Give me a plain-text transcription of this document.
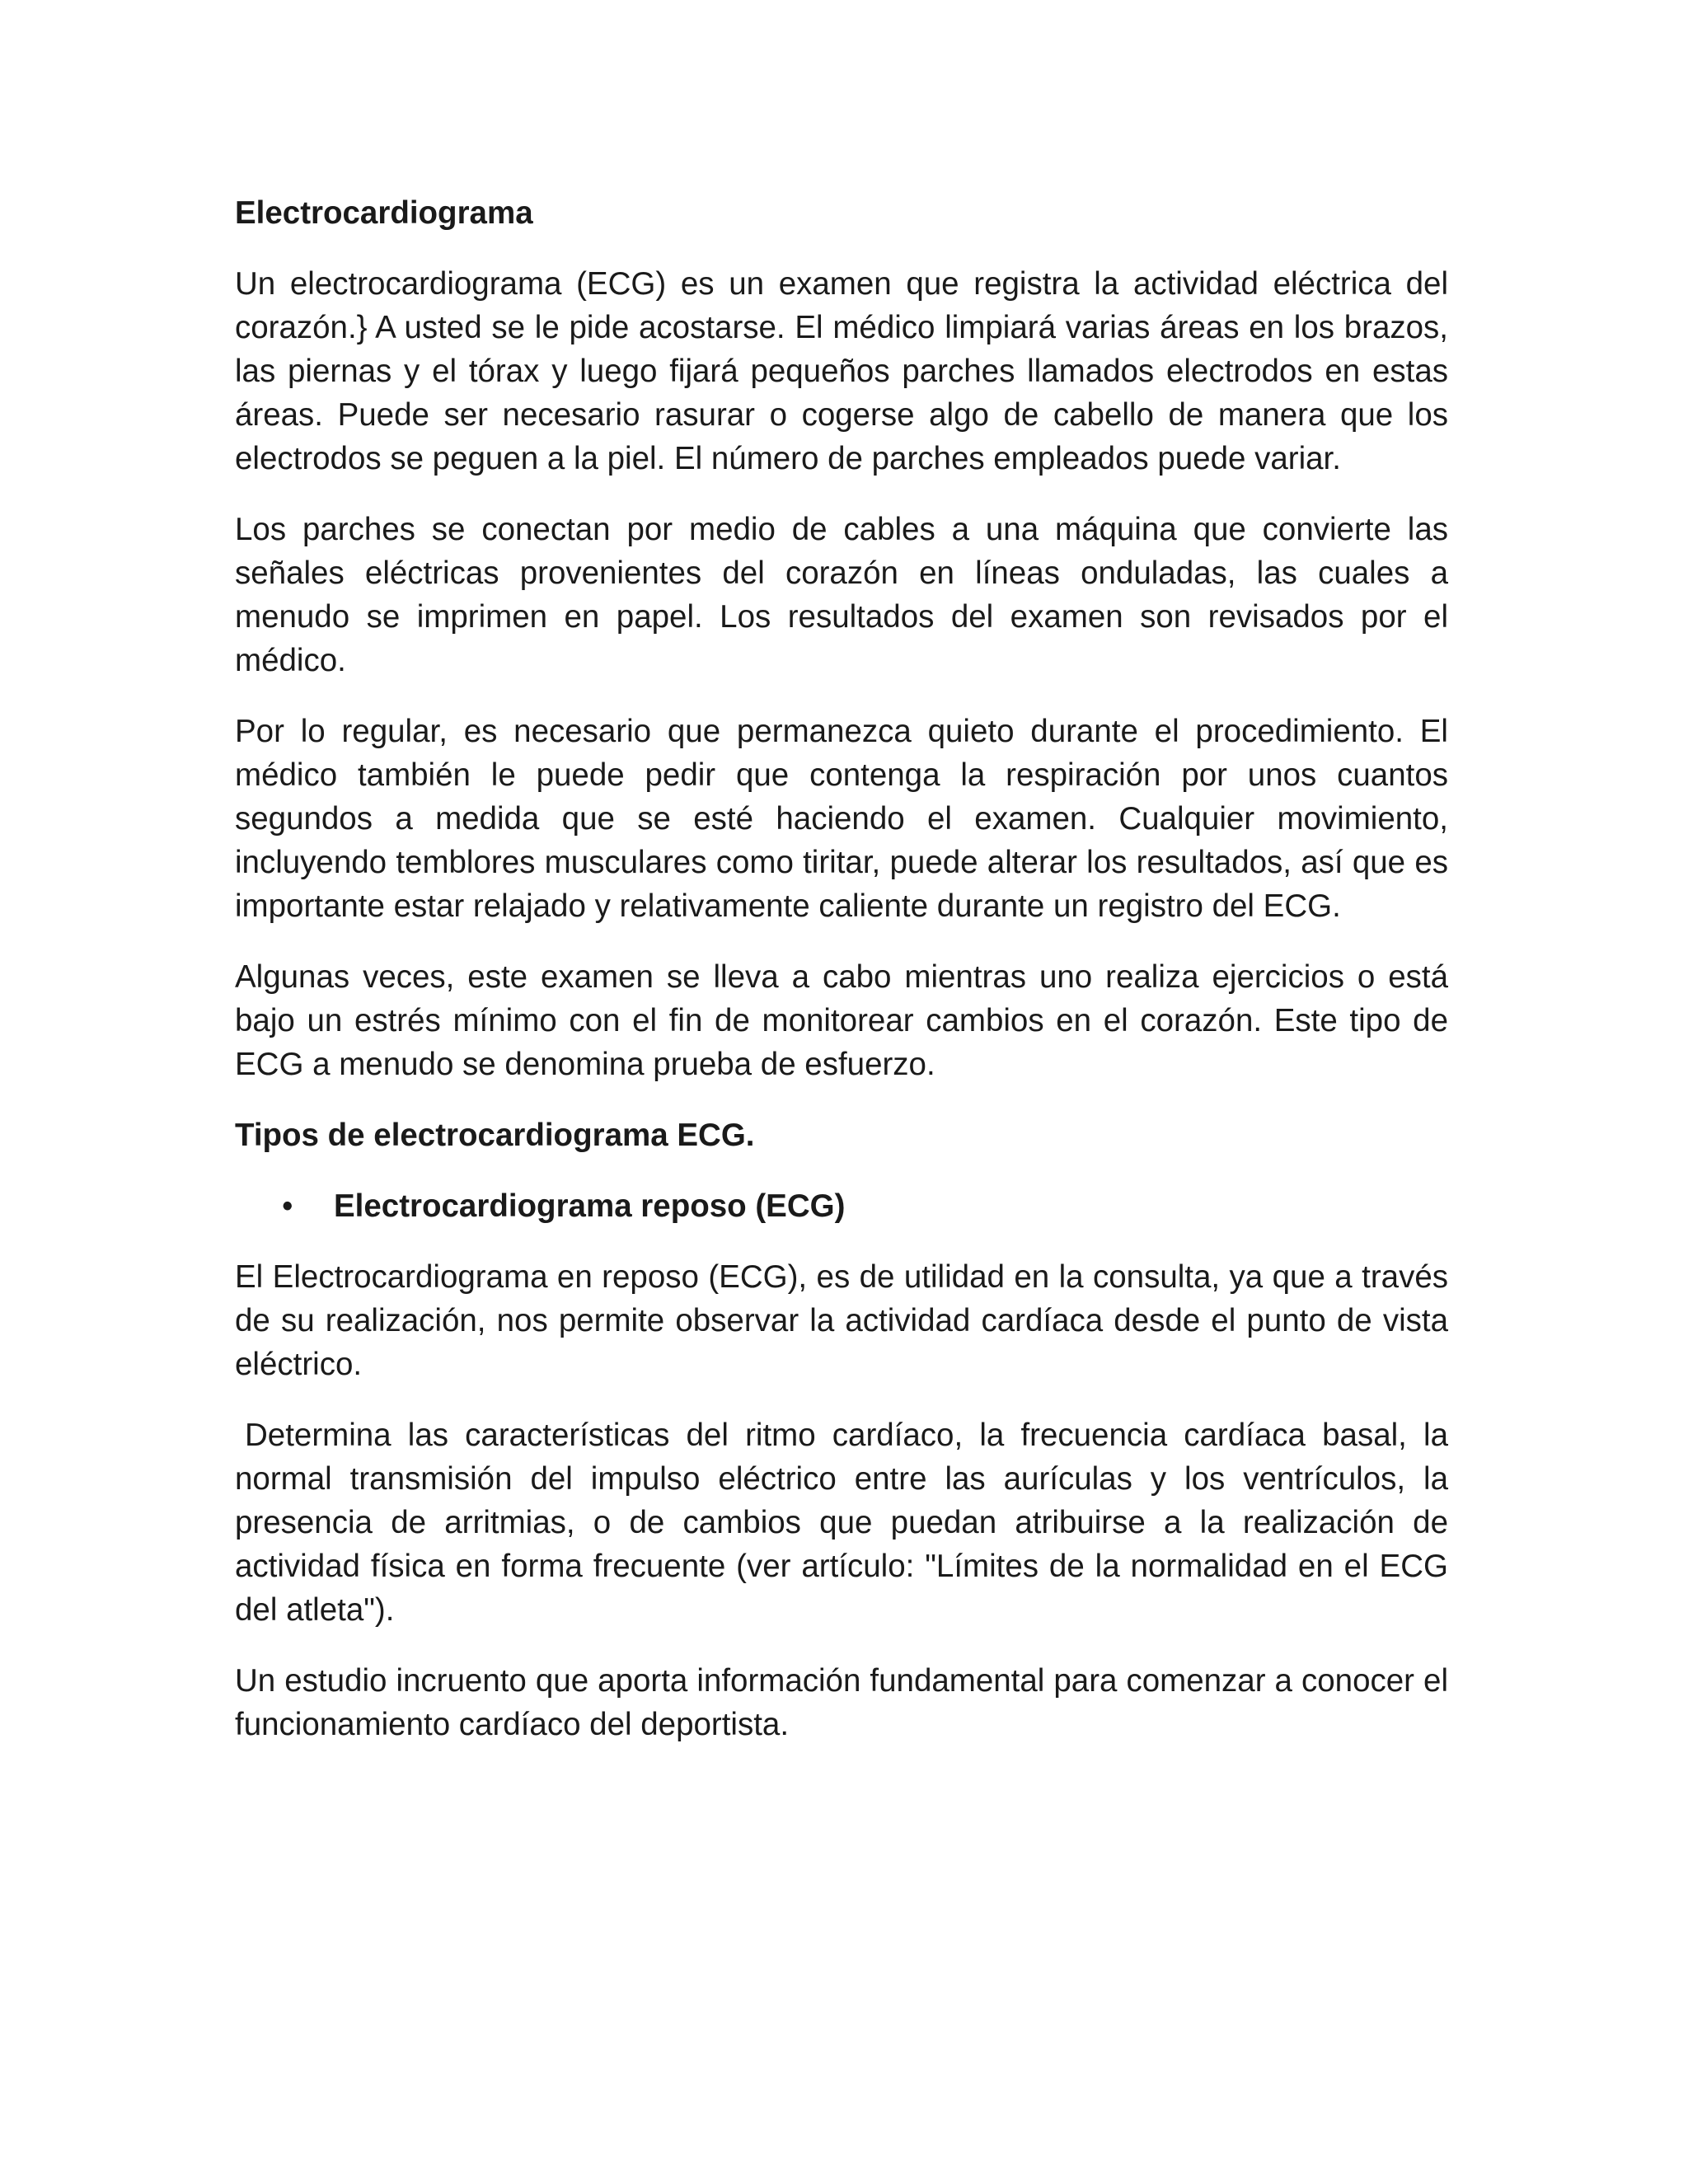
Electrocardiograma

Un electrocardiograma (ECG) es un examen que registra la actividad eléctrica del corazón.} A usted se le pide acostarse. El médico limpiará varias áreas en los brazos, las piernas y el tórax y luego fijará pequeños parches llamados electrodos en estas áreas. Puede ser necesario rasurar o cogerse algo de cabello de manera que los electrodos se peguen a la piel. El número de parches empleados puede variar.

Los parches se conectan por medio de cables a una máquina que convierte las señales eléctricas provenientes del corazón en líneas onduladas, las cuales a menudo se imprimen en papel. Los resultados del examen son revisados por el médico.

Por lo regular, es necesario que permanezca quieto durante el procedimiento. El médico también le puede pedir que contenga la respiración por unos cuantos segundos a medida que se esté haciendo el examen. Cualquier movimiento, incluyendo temblores musculares como tiritar, puede alterar los resultados, así que es importante estar relajado y relativamente caliente durante un registro del ECG.

Algunas veces, este examen se lleva a cabo mientras uno realiza ejercicios o está bajo un estrés mínimo con el fin de monitorear cambios en el corazón. Este tipo de ECG a menudo se denomina prueba de esfuerzo.

Tipos de electrocardiograma ECG.
• Electrocardiograma reposo (ECG)

El Electrocardiograma en reposo (ECG), es de utilidad en la consulta, ya que a través de su realización, nos permite observar la actividad cardíaca desde el punto de vista eléctrico.

Determina las características del ritmo cardíaco, la frecuencia cardíaca basal, la normal transmisión del impulso eléctrico entre las aurículas y los ventrículos, la presencia de arritmias, o de cambios que puedan atribuirse a la realización de actividad física en forma frecuente (ver artículo: "Límites de la normalidad en el ECG del atleta").

Un estudio incruento que aporta información fundamental para comenzar a conocer el funcionamiento cardíaco del deportista.
